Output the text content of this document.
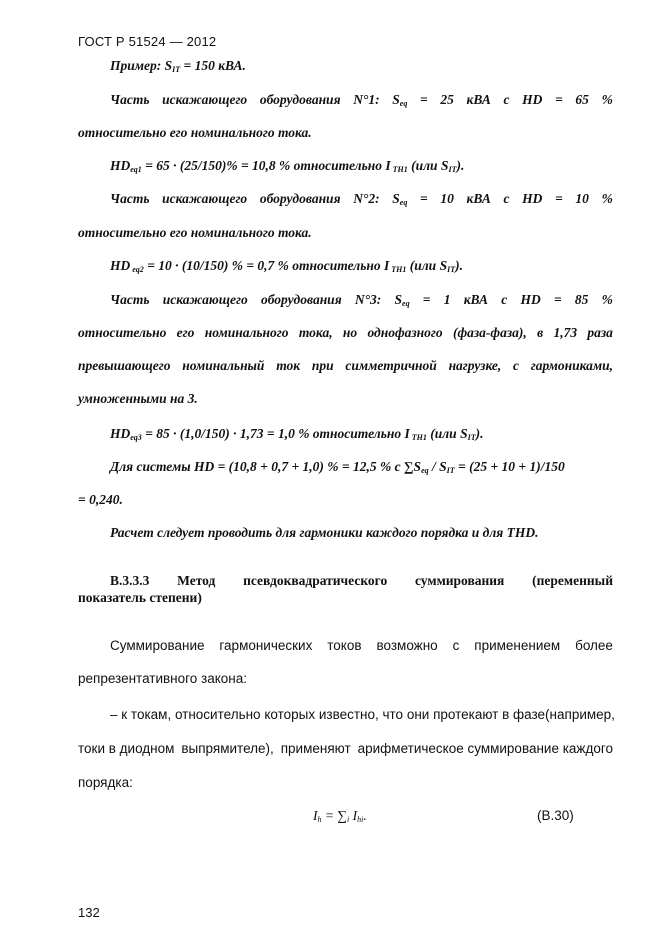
ГОСТ Р 51524 — 2012
Пример: $S_{IT} = 150$ кВА.
Часть искажающего оборудования N°1: $S_{eq} = 25$ кВА с HD = 65 %
относительно его номинального тока.
$HD_{eq1} = 65 \cdot (25/150)\% = 10,8$ % относительно I $_{ТН1}$ (или $S_{IT}$).
Часть искажающего оборудования N°2: $S_{eq} = 10$ кВА с HD = 10 %
относительно его номинального тока.
HD $_{eq2}$ = 10 · (10/150) % = 0,7 % относительно I $_{ТН1}$ (или $S_{IT}$).
Часть искажающего оборудования N°3: $S_{eq} = 1$ кВА с HD = 85 %
относительно его номинального тока, но однофазного (фаза-фаза), в 1,73 раза
превышающего номинальный ток при симметричной нагрузке, с гармониками,
умноженными на 3.
$HD_{eq3} = 85 \cdot (1,0/150) \cdot 1,73 = 1,0$ % относительно I $_{ТН1}$ (или $S_{IT}$).
Для системы HD = (10,8 + 0,7 + 1,0) % = 12,5 % с $\sum S_{eq} / S_{IT} = (25 + 10 + 1)/150$
= 0,240.
Расчет следует проводить для гармоники каждого порядка и для THD.
B.3.3.3 Метод псевдоквадратического суммирования (переменный
показатель степени)
Суммирование гармонических токов возможно с применением более
репрезентативного закона:
– к токам, относительно которых известно, что они протекают в фазе (например,
токи в диодном выпрямителе), применяют арифметическое суммирование каждого
порядка:
$I_h = \sum_i$ $I_{hi}$.	(B.30)
132
